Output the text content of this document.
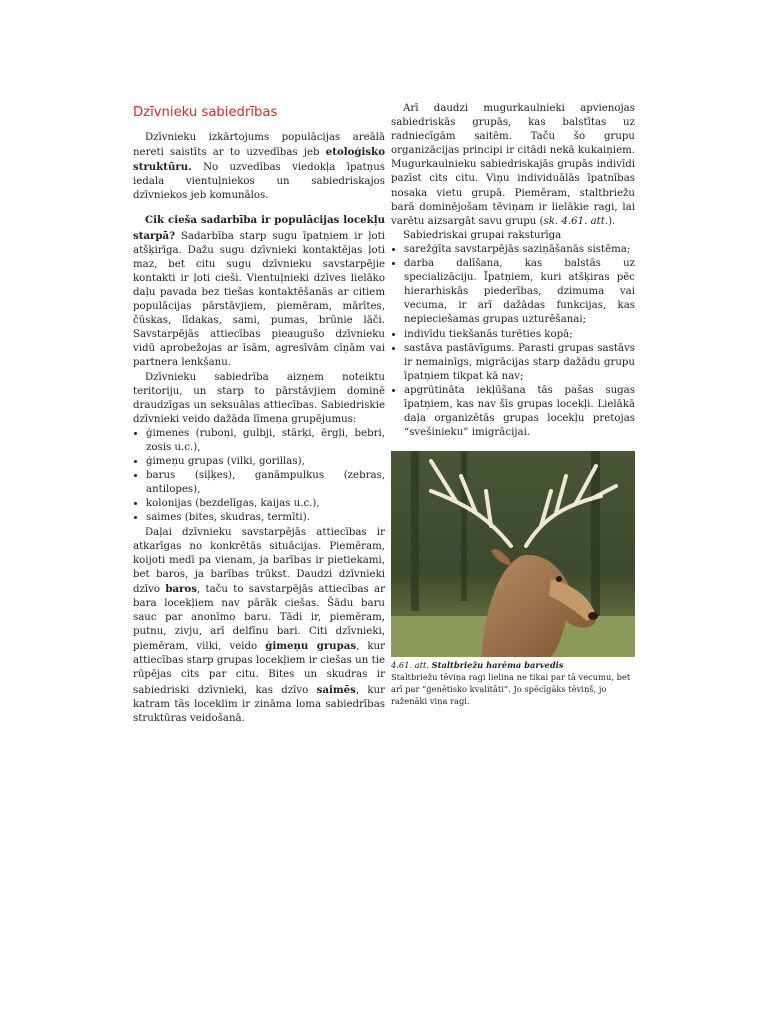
Dzīvnieku sabiedrības

Dzīvnieku izkārtojums populācijas areālā nereti saistīts ar to uzvedības jeb etoloģisko struktūru. No uzvedības viedokļa īpatņus iedala vientuļniekos un sabiedriskajos dzīvniekos jeb komunālos.

Cik cieša sadarbība ir populācijas locekļu starpā? Sadarbība starp sugu īpatņiem ir ļoti atšķirīga. Dažu sugu dzīvnieki kontaktējas ļoti maz, bet citu sugu dzīvnieku savstarpējie kontakti ir ļoti cieši. Vientuļnieki dzīves lielāko daļu pavada bez tiešas kontaktēšanās ar citiem populācijas pārstāvjiem, piemēram, mārītes, čūskas, līdakas, sami, pumas, brūnie lāči. Savstarpējās attiecības pieaugušo dzīvnieku vidū aprobežojas ar īsām, agresīvām cīņām vai partnera lenkšanu.

Dzīvnieku sabiedrība aizņem noteiktu teritoriju, un starp to pārstāvjiem dominē draudzīgas un seksuālas attiecības. Sabiedriskie dzīvnieki veido dažāda līmeņa grupējumus:

• ģimenes (ruboņi, gulbji, stārķi, ērgļi, bebri, zosis u.c.),
• ģimeņu grupas (vilki, gorillas),
• barus (siļķes), ganāmpulkus (zebras, antilopes),
• kolonijas (bezdelīgas, kaijas u.c.),
• saimes (bites, skudras, termīti).

Daļai dzīvnieku savstarpējās attiecības ir atkarīgas no konkrētās situācijas. Piemēram, koijoti medī pa vienam, ja barības ir pietiekami, bet baros, ja barības trūkst. Daudzi dzīvnieki dzīvo baros, taču to savstarpējās attiecības ar bara locekļiem nav pārāk ciešas. Šādu baru sauc par anonīmo baru. Tādi ir, piemēram, putnu, zivju, arī delfīnu bari. Citi dzīvnieki, piemēram, vilki, veido ģimeņu grupas, kur attiecības starp grupas locekļiem ir ciešas un tie rūpējas cits par citu. Bites un skudras ir sabiedriski dzīvnieki, kas dzīvo saimēs, kur katram tās loceklim ir zināma loma sabiedrības struktūras veidošanā.

Arī daudzi mugurkaulnieki apvienojas sabiedriskās grupās, kas balstītas uz radniecīgām saitēm. Taču šo grupu organizācijas principi ir citādi nekā kukaiņiem. Mugurkaulnieku sabiedriskajās grupās indivīdi pazīst cits citu. Viņu individuālās īpatnības nosaka vietu grupā. Piemēram, staltbriežu barā dominējošam tēviņam ir lielākie ragi, lai varētu aizsargāt savu grupu (sk. 4.61. att.).

Sabiedriskai grupai raksturīga

• sarežģīta savstarpējās saziņāšanās sistēma;
• darba dalīšana, kas balstās uz specializāciju. Īpatņiem, kuri atšķiras pēc hierarhiskās piederības, dzimuma vai vecuma, ir arī dažādas funkcijas, kas nepieciešamas grupas uzturēšanai;
• indivīdu tiekšanās turēties kopā;
• sastāva pastāvīgums. Parasti grupas sastāvs ir nemainīgs, migrācijas starp dažādu grupu īpatņiem tikpat kā nav;
• apgrūtināta iekļūšana tās pašas sugas īpatņiem, kas nav šīs grupas locekļi. Lielākā daļa organizētās grupas locekļu pretojas “svešinieku” imigrācijai.
4.61. att. Staltbriežu harēma barvedis
Staltbriežu tēviņa ragi lielina ne tikai par tā vecumu, bet arī par “ģenētisko kvalitāti”. Jo spēcīgāks tēviņš, jo raženāki viņa ragi.
